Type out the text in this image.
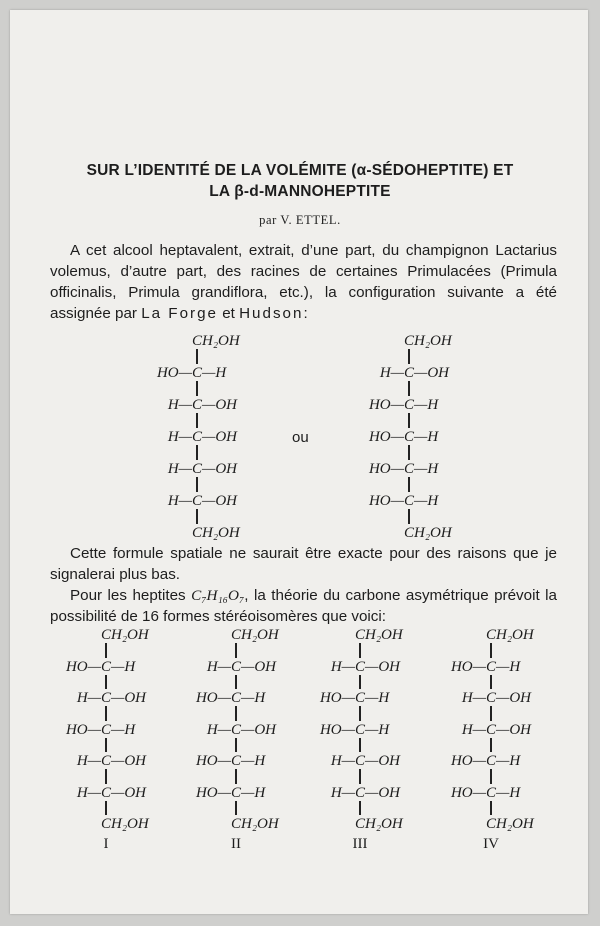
SUR L’IDENTITÉ DE LA VOLÉMITE (α-SÉDOHEPTITE) ET
LA β-d-MANNOHEPTITE
par V. ETTEL.
A cet alcool heptavalent, extrait, d’une part, du champignon Lactarius volemus, d’autre part, des racines de certaines Primulacées (Primula officinalis, Primula grandiflora, etc.), la configuration suivante a été assignée par La Forge et Hudson:
CH₂OH
HO—C—H
H—C—OH
H—C—OH
H—C—OH
H—C—OH
CH₂OH
ou
CH₂OH
H—C—OH
HO—C—H
HO—C—H
HO—C—H
HO—C—H
CH₂OH
Cette formule spatiale ne saurait être exacte pour des raisons que je signalerai plus bas.
Pour les heptites C₇H₁₆O₇, la théorie du carbone asymétrique prévoit la possibilité de 16 formes stéréoisomères que voici:
CH₂OH
HO—C—H
H—C—OH
HO—C—H
H—C—OH
H—C—OH
CH₂OH
CH₂OH
H—C—OH
HO—C—H
H—C—OH
HO—C—H
HO—C—H
CH₂OH
CH₂OH
H—C—OH
HO—C—H
HO—C—H
H—C—OH
H—C—OH
CH₂OH
CH₂OH
HO—C—H
H—C—OH
H—C—OH
HO—C—H
HO—C—H
CH₂OH
I	II	III	IV
